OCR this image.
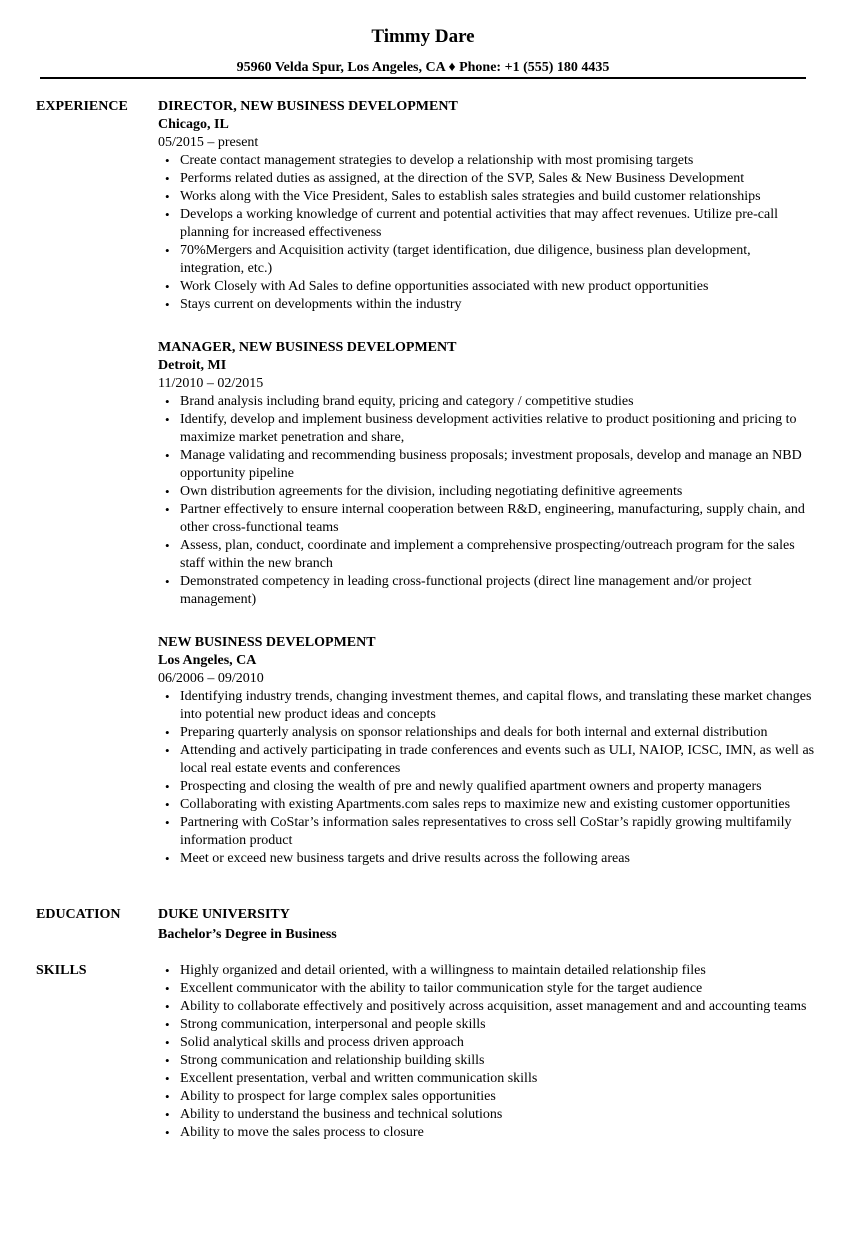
Timmy Dare
95960 Velda Spur, Los Angeles, CA ♦ Phone: +1 (555) 180 4435
EXPERIENCE DIRECTOR, NEW BUSINESS DEVELOPMENT
Chicago, IL
05/2015 – present
• Create contact management strategies to develop a relationship with most promising targets
• Performs related duties as assigned, at the direction of the SVP, Sales & New Business Development
• Works along with the Vice President, Sales to establish sales strategies and build customer relationships
• Develops a working knowledge of current and potential activities that may affect revenues. Utilize pre-call planning for increased effectiveness
• 70%Mergers and Acquisition activity (target identification, due diligence, business plan development, integration, etc.)
• Work Closely with Ad Sales to define opportunities associated with new product opportunities
• Stays current on developments within the industry
MANAGER, NEW BUSINESS DEVELOPMENT
Detroit, MI
11/2010 – 02/2015
• Brand analysis including brand equity, pricing and category / competitive studies
• Identify, develop and implement business development activities relative to product positioning and pricing to maximize market penetration and share,
• Manage validating and recommending business proposals; investment proposals, develop and manage an NBD opportunity pipeline
• Own distribution agreements for the division, including negotiating definitive agreements
• Partner effectively to ensure internal cooperation between R&D, engineering, manufacturing, supply chain, and other cross-functional teams
• Assess, plan, conduct, coordinate and implement a comprehensive prospecting/outreach program for the sales staff within the new branch
• Demonstrated competency in leading cross-functional projects (direct line management and/or project management)
NEW BUSINESS DEVELOPMENT
Los Angeles, CA
06/2006 – 09/2010
• Identifying industry trends, changing investment themes, and capital flows, and translating these market changes into potential new product ideas and concepts
• Preparing quarterly analysis on sponsor relationships and deals for both internal and external distribution
• Attending and actively participating in trade conferences and events such as ULI, NAIOP, ICSC, IMN, as well as local real estate events and conferences
• Prospecting and closing the wealth of pre and newly qualified apartment owners and property managers
• Collaborating with existing Apartments.com sales reps to maximize new and existing customer opportunities
• Partnering with CoStar’s information sales representatives to cross sell CoStar’s rapidly growing multifamily information product
• Meet or exceed new business targets and drive results across the following areas
EDUCATION	DUKE UNIVERSITY
Bachelor’s Degree in Business
SKILLS
•	Highly organized and detail oriented, with a willingness to maintain detailed relationship files
• Excellent communicator with the ability to tailor communication style for the target audience
• Ability to collaborate effectively and positively across acquisition, asset management and and accounting teams
• Strong communication, interpersonal and people skills
• Solid analytical skills and process driven approach
• Strong communication and relationship building skills
• Excellent presentation, verbal and written communication skills
• Ability to prospect for large complex sales opportunities
• Ability to understand the business and technical solutions
• Ability to move the sales process to closure
